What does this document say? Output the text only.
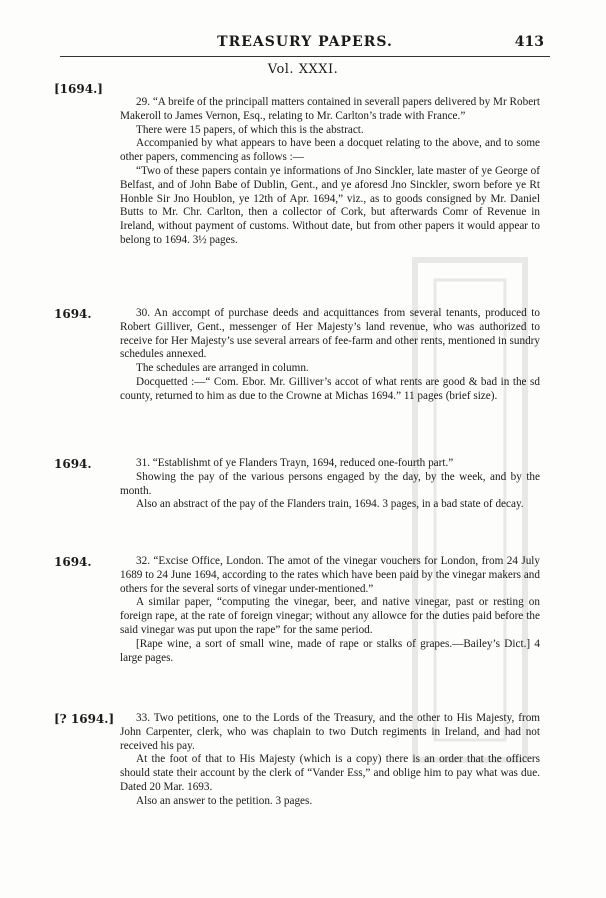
TREASURY PAPERS.	413
Vol. XXXI.
[1694.]

29. “A breife of the principall matters contained in severall papers delivered by Mr Robert Makeroll to James Vernon, Esq., relating to Mr. Carlton’s trade with France.”

There were 15 papers, of which this is the abstract.

Accompanied by what appears to have been a docquet relating to the above, and to some other papers, commencing as follows :—

“Two of these papers contain ye informations of Jno Sinckler, late master of ye George of Belfast, and of John Babe of Dublin, Gent., and ye aforesd Jno Sinckler, sworn before ye Rt Honble Sir Jno Houblon, ye 12th of Apr. 1694,” viz., as to goods consigned by Mr. Daniel Butts to Mr. Chr. Carlton, then a collector of Cork, but afterwards Comr of Revenue in Ireland, without payment of customs. Without date, but from other papers it would appear to belong to 1694. 3½ pages.

1694.	30. An accompt of purchase deeds and acquittances from several tenants, produced to Robert Gilliver, Gent., messenger of Her Majesty’s land revenue, who was authorized to receive for Her Majesty’s use several arrears of fee-farm and other rents, mentioned in sundry schedules annexed.

The schedules are arranged in column.

Docquetted :—“ Com. Ebor. Mr. Gilliver’s accot of what rents are good & bad in the sd county, returned to him as due to the Crowne at Michas 1694.” 11 pages (brief size).

1694.	31. “Establishmt of ye Flanders Trayn, 1694, reduced one-fourth part.”

Showing the pay of the various persons engaged by the day, by the week, and by the month.

Also an abstract of the pay of the Flanders train, 1694. 3 pages, in a bad state of decay.

1694.	32. “Excise Office, London. The amot of the vinegar vouchers for London, from 24 July 1689 to 24 June 1694, according to the rates which have been paid by the vinegar makers and others for the several sorts of vinegar under-mentioned.”

A similar paper, “computing the vinegar, beer, and native vinegar, past or resting on foreign rape, at the rate of foreign vinegar; without any allowce for the duties paid before the said vinegar was put upon the rape” for the same period.

[Rape wine, a sort of small wine, made of rape or stalks of grapes.—Bailey’s Dict.] 4 large pages.

[? 1694.]	33. Two petitions, one to the Lords of the Treasury, and the other to His Majesty, from John Carpenter, clerk, who was chaplain to two Dutch regiments in Ireland, and had not received his pay.

At the foot of that to His Majesty (which is a copy) there is an order that the officers should state their account by the clerk of “Vander Ess,” and oblige him to pay what was due. Dated 20 Mar. 1693.

Also an answer to the petition. 3 pages.
